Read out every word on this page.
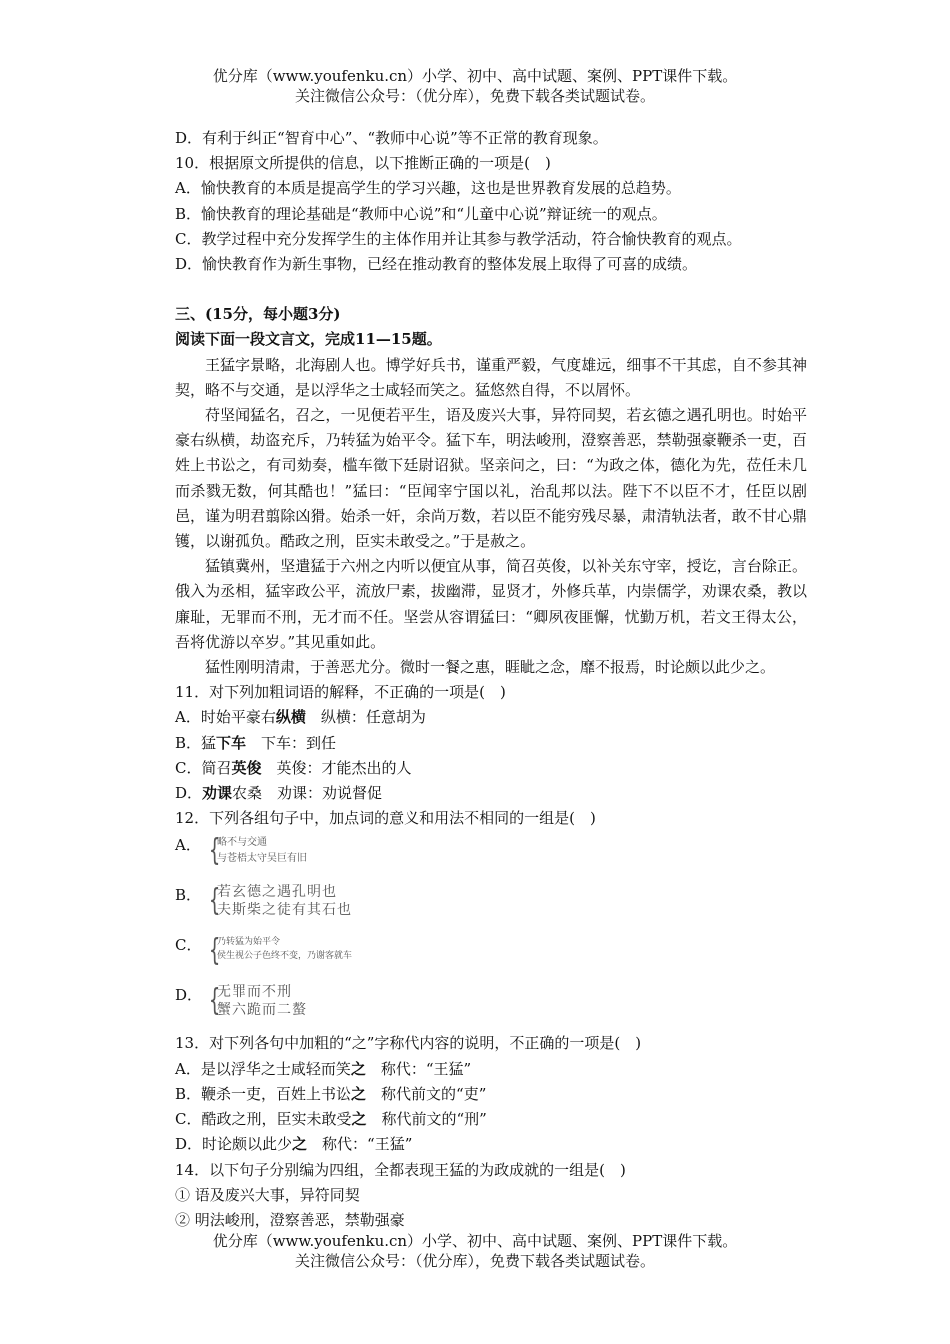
优分库（www.youfenku.cn）小学、初中、高中试题、案例、PPT课件下载。
关注微信公众号：（优分库），免费下载各类试题试卷。
D．有利于纠正“智育中心”、“教师中心说”等不正常的教育现象。
10．根据原文所提供的信息，以下推断正确的一项是(　)
A．愉快教育的本质是提高学生的学习兴趣，这也是世界教育发展的总趋势。
B．愉快教育的理论基础是“教师中心说”和“儿童中心说”辩证统一的观点。
C．教学过程中充分发挥学生的主体作用并让其参与教学活动，符合愉快教育的观点。
D．愉快教育作为新生事物，已经在推动教育的整体发展上取得了可喜的成绩。
三、(15分，每小题3分)
阅读下面一段文言文，完成11—15题。
王猛字景略，北海剧人也。博学好兵书，谨重严毅，气度雄远，细事不干其虑，自不参其神契，略不与交通，是以浮华之士咸轻而笑之。猛悠然自得，不以屑怀。
苻坚闻猛名，召之，一见便若平生，语及废兴大事，异符同契，若玄德之遇孔明也。时始平豪右纵横，劫盗充斥，乃转猛为始平令。猛下车，明法峻刑，澄察善恶，禁勒强豪鞭杀一吏，百姓上书讼之，有司劾奏，槛车徵下廷尉诏狱。坚亲问之，曰：“为政之体，德化为先，莅任未几而杀戮无数，何其酷也！”猛曰：“臣闻宰宁国以礼，治乱邦以法。陛下不以臣不才，任臣以剧邑，谨为明君翦除凶猾。始杀一奸，余尚万数，若以臣不能穷残尽暴，肃清轨法者，敢不甘心鼎镬，以谢孤负。酷政之刑，臣实未敢受之。”于是赦之。
猛镇冀州，坚遣猛于六州之内听以便宜从事，简召英俊，以补关东守宰，授讫，言台除正。俄入为丞相，猛宰政公平，流放尸素，拔幽滞，显贤才，外修兵革，内崇儒学，劝课农桑，教以廉耻，无罪而不刑，无才而不任。坚尝从容谓猛曰：“卿夙夜匪懈，忧勤万机，若文王得太公，吾将优游以卒岁。”其见重如此。
猛性刚明清肃，于善恶尤分。微时一餐之惠，睚眦之念，靡不报焉，时论颇以此少之。
11．对下列加粗词语的解释，不正确的一项是(　)
A．时始平豪右纵横　纵横：任意胡为
B．猛下车　下车：到任
C．简召英俊　英俊：才能杰出的人
D．劝课农桑　劝课：劝说督促
12．下列各组句子中，加点词的意义和用法不相同的一组是(　)
A． {
略不与交通
与苍梧太守吴巨有旧
B． {
若玄德之遇孔明也
夫斯柴之徒有其石也
C． {
乃转猛为始平令
侯生视公子色终不变，乃谢客就车
D． {
无罪而不刑
蟹六跪而二螯
13．对下列各句中加粗的“之”字称代内容的说明，不正确的一项是(　)
A．是以浮华之士咸轻而笑之　称代：“王猛”
B．鞭杀一吏，百姓上书讼之　称代前文的“吏”
C．酷政之刑，臣实未敢受之　称代前文的“刑”
D．时论颇以此少之　称代：“王猛”
14．以下句子分别编为四组，全都表现王猛的为政成就的一组是(　)
① 语及废兴大事，异符同契
② 明法峻刑，澄察善恶，禁勒强豪
优分库（www.youfenku.cn）小学、初中、高中试题、案例、PPT课件下载。
关注微信公众号：（优分库），免费下载各类试题试卷。
